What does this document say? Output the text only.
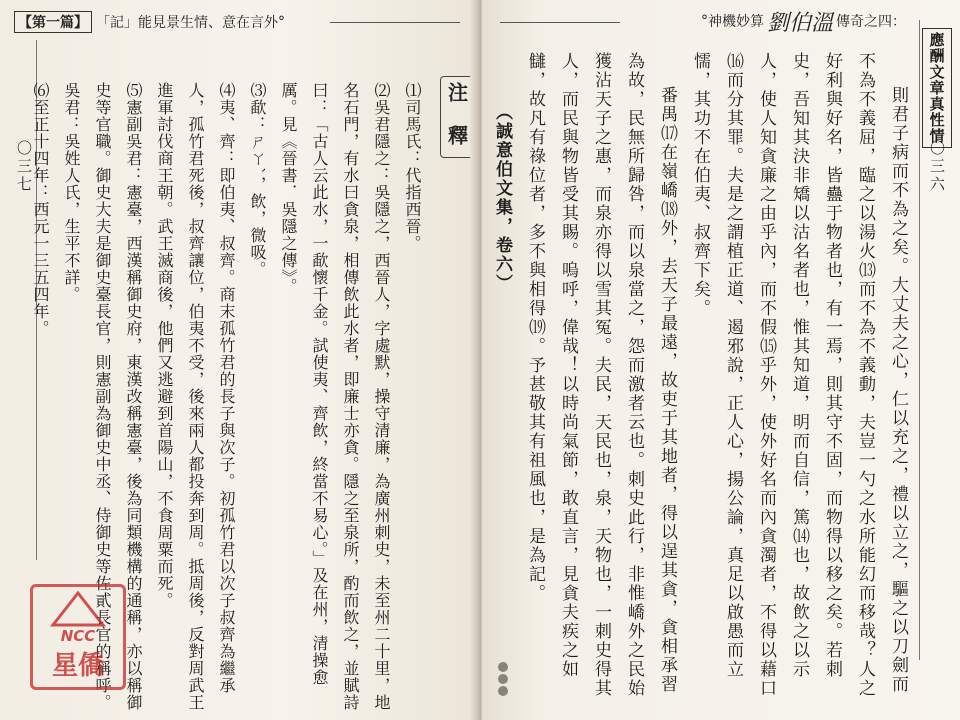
【第一篇】 「記」能見景生情、意在言外 °
〇三七
注 釋

⑴司馬氏：代指西晉。

⑵吳君隱之：吳隱之，西晉人，字處默，操守清廉，為廣州刺史，未至州二十里，地名石門，有水曰貪泉，相傳飲此水者，即廉士亦貪。隱之至泉所，酌而飲之，並賦詩曰：「古人云此水，一歃懷千金。試使夷、齊飲，終當不易心。」及在州，清操愈厲。見《晉書．吳隱之傳》。

⑶歃：ㄕㄚˋ，飲，微吸。

⑷夷、齊：即伯夷、叔齊。商末孤竹君的長子與次子。初孤竹君以次子叔齊為繼承人，孤竹君死後，叔齊讓位，伯夷不受，後來兩人都投奔到周。抵周後，反對周武王進軍討伐商王朝。武王滅商後，他們又逃避到首陽山，不食周粟而死。

⑸憲副吳君：憲臺，西漢稱御史府，東漢改稱憲臺，後為同類機構的通稱，亦以稱御史等官職。御史大夫是御史臺長官，則憲副為御史中丞、侍御史等佐貳長官的稱呼。吳君：吳姓人氏，生平不詳。

⑹至正十四年：西元一三五四年。

NCC
星僑
° 神機妙算 劉伯溫 傳奇之四：
應酬文章真性情
〇三六

則君子病而不為之矣。大丈夫之心，仁以充之，禮以立之，驅之以刀劍而不為不義屈，臨之以湯火⒀而不為不義動，夫豈一勺之水所能幻而移哉？人之好利與好名，皆蠱于物者也，有一焉，則其守不固，而物得以移之矣。若刺史，吾知其決非矯以沽名者也，惟其知道，明而自信，篤⒁也，故飲之以示人，使人知貪廉之由乎內，而不假⒂乎外，使外好名而內貪濁者，不得以藉口⒃而分其罪。夫是之謂植正道、遏邪說，正人心，揚公論，真足以啟愚而立懦，其功不在伯夷、叔齊下矣。

番禺⒄在嶺嶠⒅外，去天子最遠，故吏于其地者，得以逞其貪，貪相承習為故，民無所歸咎，而以泉當之，怨而激者云也。刺史此行，非惟嶠外之民始獲沾天子之惠，而泉亦得以雪其冤。夫民，天民也，泉，天物也，一刺史得其人，而民與物皆受其賜。嗚呼，偉哉！以時尚氣節，敢直言，見貪夫疾之如讎，故凡有祿位者，多不與相得⒆。予甚敬其有祖風也，是為記。

（誠意伯文集，卷六）
